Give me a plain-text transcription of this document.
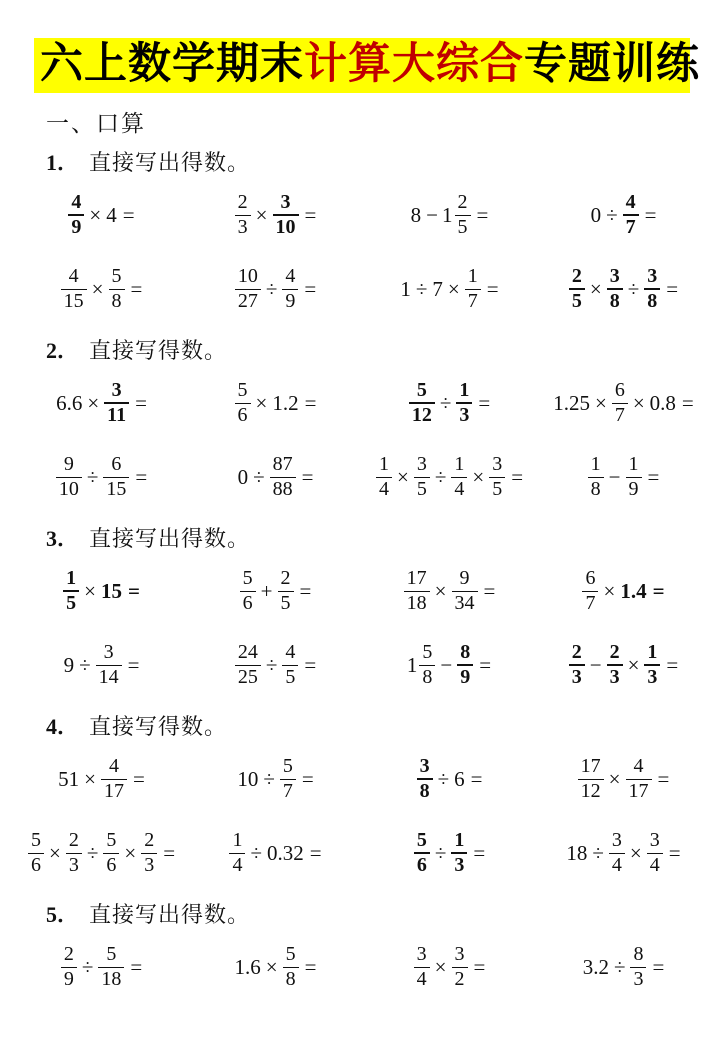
六上数学期末计算大综合专题训练
一、口算
1． 直接写出得数。
$\frac{4}{9} \times 4$ =	$\frac{2}{3} \times \frac{3}{10}$ =	$8 - 1 \frac{2}{5}$ =	$0 \div \frac{4}{7}$ =
$\frac{4}{15} \times \frac{5}{8}$ =	$\frac{10}{27} \div \frac{4}{9}$ =	$1 \div 7 \times \frac{1}{7}$ =	$\frac{2}{5} \times \frac{3}{8} \div \frac{3}{8}$ =
2． 直接写得数。
$6.6 \times \frac{3}{11}$ =	$\frac{5}{6} \times 1.2$ =	$\frac{5}{12} \div \frac{1}{3}$ =	$1.25 \times \frac{6}{7} \times 0.8$ =
$\frac{9}{10} \div \frac{6}{15}$ =	$0 \div \frac{87}{88}$ =	$\frac{1}{4} \times \frac{3}{5} \div \frac{1}{4} \times \frac{3}{5}$ =	$\frac{1}{8} - \frac{1}{9}$ =
3． 直接写出得数。
$\frac{1}{5} \times 15$ =	$\frac{5}{6} + \frac{2}{5}$ =	$\frac{17}{18} \times \frac{9}{34}$ =	$\frac{6}{7} \times 1.4$ =
$9 \div \frac{3}{14}$ =	$\frac{24}{25} \div \frac{4}{5}$ =	$1 \frac{5}{8} - \frac{8}{9}$ =	$\frac{2}{3} - \frac{2}{3} \times \frac{1}{3}$ =
4． 直接写得数。
$51 \times \frac{4}{17}$ =	$10 \div \frac{5}{7}$ =	$\frac{3}{8} \div 6$ =	$\frac{17}{12} \times \frac{4}{17}$ =
$\frac{5}{6} \times \frac{2}{3} \div \frac{5}{6} \times \frac{2}{3}$ =	$\frac{1}{4} \div 0.32$ =	$\frac{5}{6} \div \frac{1}{3}$ =	$18 \div \frac{3}{4} \times \frac{3}{4}$ =
5． 直接写出得数。
$\frac{2}{9} \div \frac{5}{18}$ =	$1.6 \times \frac{5}{8}$ =	$\frac{3}{4} \times \frac{3}{2}$ =	$3.2 \div \frac{8}{3}$ =
